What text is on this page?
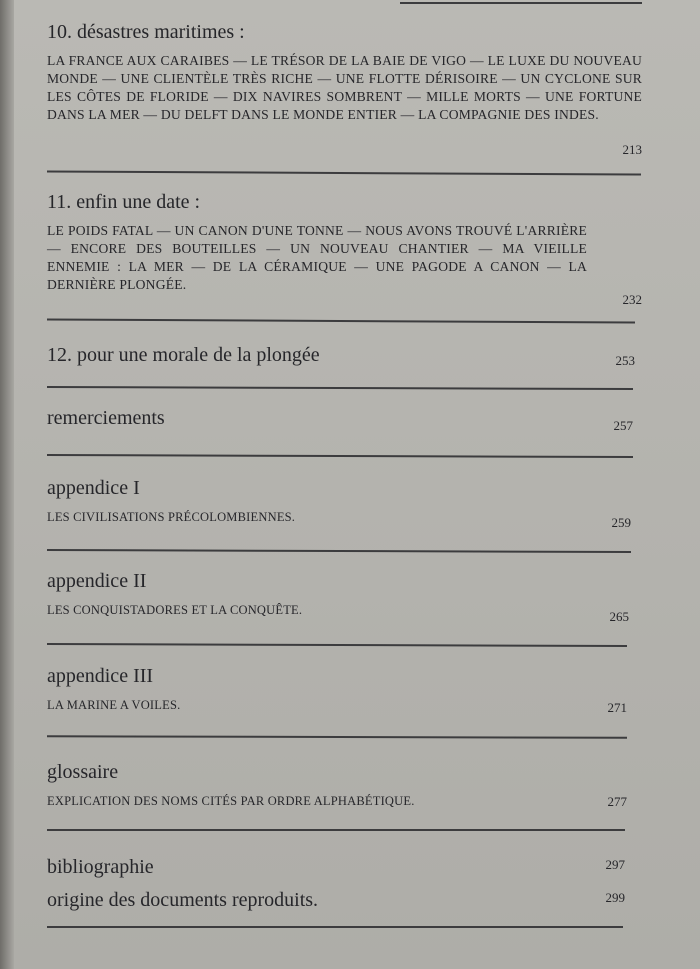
10. désastres maritimes :
LA FRANCE AUX CARAIBES — LE TRÉSOR DE LA BAIE DE VIGO — LE LUXE DU NOUVEAU MONDE — UNE CLIENTÈLE TRÈS RICHE — UNE FLOTTE DÉRISOIRE — UN CYCLONE SUR LES CÔTES DE FLORIDE — DIX NAVIRES SOMBRENT — MILLE MORTS — UNE FORTUNE DANS LA MER — DU DELFT DANS LE MONDE ENTIER — LA COMPAGNIE DES INDES.
213
11. enfin une date :
LE POIDS FATAL — UN CANON D'UNE TONNE — NOUS AVONS TROUVÉ L'ARRIÈRE — ENCORE DES BOUTEILLES — UN NOUVEAU CHANTIER — MA VIEILLE ENNEMIE : LA MER — DE LA CÉRAMIQUE — UNE PAGODE A CANON — LA DERNIÈRE PLONGÉE.
232
12. pour une morale de la plongée	253
remerciements	257
appendice I
LES CIVILISATIONS PRÉCOLOMBIENNES.	259
appendice II
LES CONQUISTADORES ET LA CONQUÊTE.	265
appendice III
LA MARINE A VOILES.	271
glossaire
EXPLICATION DES NOMS CITÉS PAR ORDRE ALPHABÉTIQUE.	277
bibliographie	297
origine des documents reproduits.	299
